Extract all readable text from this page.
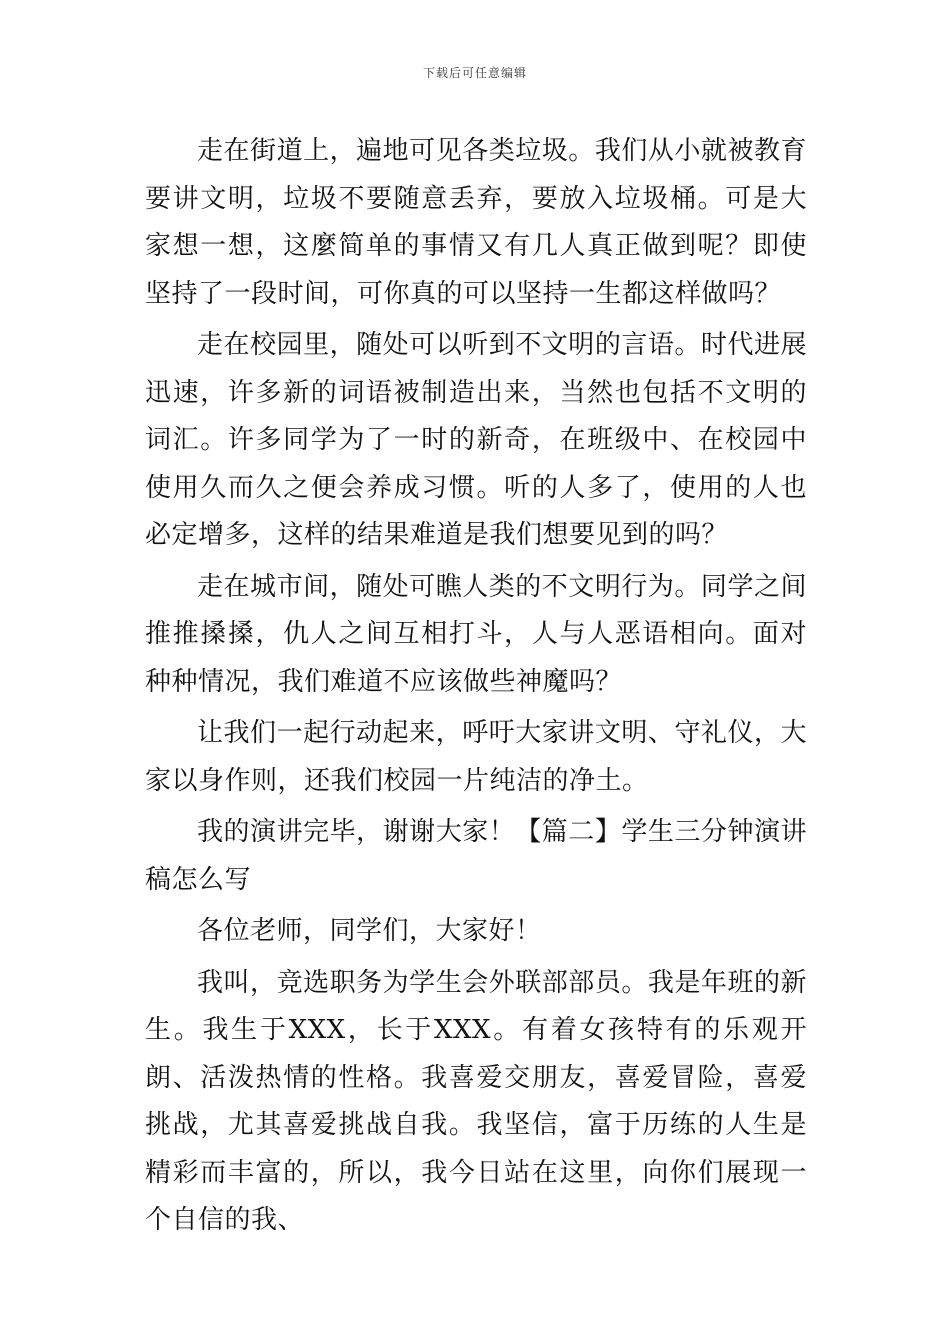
下载后可任意编辑

走在街道上，遍地可见各类垃圾。我们从小就被教育要讲文明，垃圾不要随意丢弃，要放入垃圾桶。可是大家想一想，这麼简单的事情又有几人真正做到呢？即使坚持了一段时间，可你真的可以坚持一生都这样做吗？

走在校园里，随处可以听到不文明的言语。时代进展迅速，许多新的词语被制造出来，当然也包括不文明的词汇。许多同学为了一时的新奇，在班级中、在校园中使用久而久之便会养成习惯。听的人多了，使用的人也必定增多，这样的结果难道是我们想要见到的吗？

走在城市间，随处可瞧人类的不文明行为。同学之间推推搡搡，仇人之间互相打斗，人与人恶语相向。面对种种情况，我们难道不应该做些神魔吗？

让我们一起行动起来，呼吁大家讲文明、守礼仪，大家以身作则，还我们校园一片纯洁的净土。

我的演讲完毕，谢谢大家！【篇二】学生三分钟演讲稿怎么写

各位老师，同学们，大家好！

我叫，竞选职务为学生会外联部部员。我是年班的新生。我生于XXX，长于XXX。有着女孩特有的乐观开朗、活泼热情的性格。我喜爱交朋友，喜爱冒险，喜爱挑战，尤其喜爱挑战自我。我坚信，富于历练的人生是精彩而丰富的，所以，我今日站在这里，向你们展现一个自信的我、
